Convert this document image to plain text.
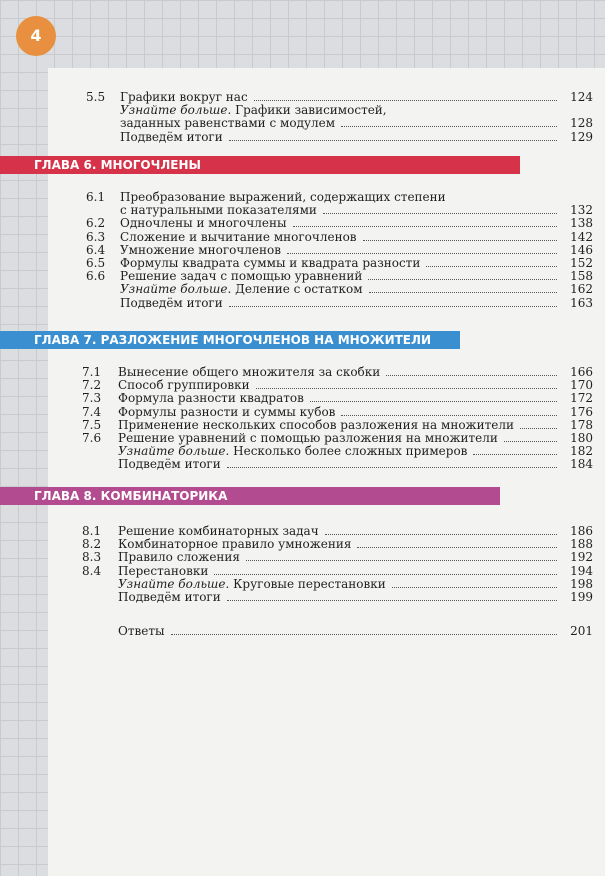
4
5.5	Графики вокруг нас	124
Узнайте больше. Графики зависимостей,
заданных равенствами с модулем	128
Подведём итоги	129
ГЛАВА 6. МНОГОЧЛЕНЫ
6.1	Преобразование выражений, содержащих степени
с натуральными показателями	132
6.2	Одночлены и многочлены	138
6.3	Сложение и вычитание многочленов	142
6.4	Умножение многочленов	146
6.5	Формулы квадрата суммы и квадрата разности	152
6.6	Решение задач с помощью уравнений	158
Узнайте больше. Деление с остатком	162
Подведём итоги	163
ГЛАВА 7. РАЗЛОЖЕНИЕ МНОГОЧЛЕНОВ НА МНОЖИТЕЛИ
7.1	Вынесение общего множителя за скобки	166
7.2	Способ группировки	170
7.3	Формула разности квадратов	172
7.4	Формулы разности и суммы кубов	176
7.5	Применение нескольких способов разложения на множители	178
7.6	Решение уравнений с помощью разложения на множители	180
Узнайте больше. Несколько более сложных примеров	182
Подведём итоги	184
ГЛАВА 8. КОМБИНАТОРИКА
8.1	Решение комбинаторных задач	186
8.2	Комбинаторное правило умножения	188
8.3	Правило сложения	192
8.4	Перестановки	194
Узнайте больше. Круговые перестановки	198
Подведём итоги	199
Ответы	201
